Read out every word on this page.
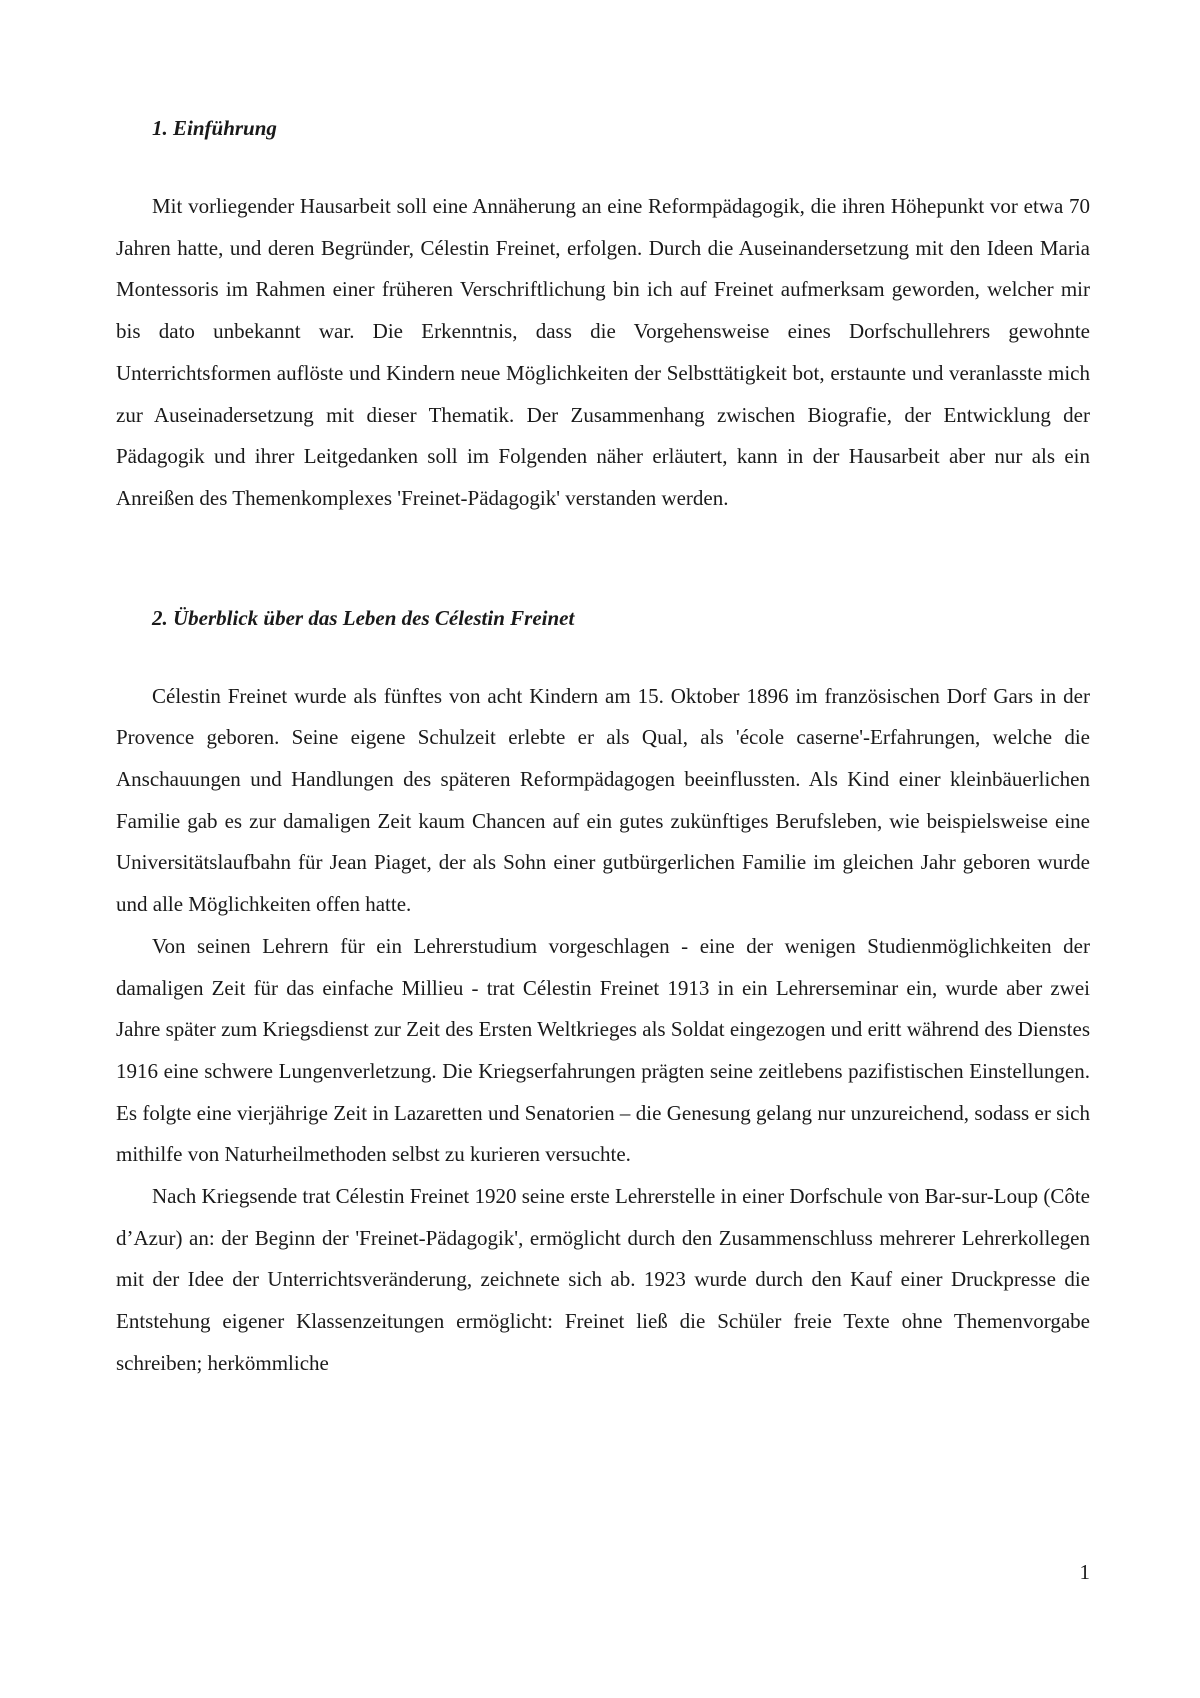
1. Einführung

Mit vorliegender Hausarbeit soll eine Annäherung an eine Reformpädagogik, die ihren Höhepunkt vor etwa 70 Jahren hatte, und deren Begründer, Célestin Freinet, erfolgen. Durch die Auseinandersetzung mit den Ideen Maria Montessoris im Rahmen einer früheren Verschriftlichung bin ich auf Freinet aufmerksam geworden, welcher mir bis dato unbekannt war. Die Erkenntnis, dass die Vorgehensweise eines Dorfschullehrers gewohnte Unterrichtsformen auflöste und Kindern neue Möglichkeiten der Selbsttätigkeit bot, erstaunte und veranlasste mich zur Auseinadersetzung mit dieser Thematik. Der Zusammenhang zwischen Biografie, der Entwicklung der Pädagogik und ihrer Leitgedanken soll im Folgenden näher erläutert, kann in der Hausarbeit aber nur als ein Anreißen des Themenkomplexes 'Freinet-Pädagogik' verstanden werden.

2. Überblick über das Leben des Célestin Freinet

Célestin Freinet wurde als fünftes von acht Kindern am 15. Oktober 1896 im französischen Dorf Gars in der Provence geboren. Seine eigene Schulzeit erlebte er als Qual, als 'école caserne'-Erfahrungen, welche die Anschauungen und Handlungen des späteren Reformpädagogen beeinflussten. Als Kind einer kleinbäuerlichen Familie gab es zur damaligen Zeit kaum Chancen auf ein gutes zukünftiges Berufsleben, wie beispielsweise eine Universitätslaufbahn für Jean Piaget, der als Sohn einer gutbürgerlichen Familie im gleichen Jahr geboren wurde und alle Möglichkeiten offen hatte.

Von seinen Lehrern für ein Lehrerstudium vorgeschlagen - eine der wenigen Studienmöglichkeiten der damaligen Zeit für das einfache Millieu - trat Célestin Freinet 1913 in ein Lehrerseminar ein, wurde aber zwei Jahre später zum Kriegsdienst zur Zeit des Ersten Weltkrieges als Soldat eingezogen und eritt während des Dienstes 1916 eine schwere Lungenverletzung. Die Kriegserfahrungen prägten seine zeitlebens pazifistischen Einstellungen. Es folgte eine vierjährige Zeit in Lazaretten und Senatorien – die Genesung gelang nur unzureichend, sodass er sich mithilfe von Naturheilmethoden selbst zu kurieren versuchte.

Nach Kriegsende trat Célestin Freinet 1920 seine erste Lehrerstelle in einer Dorfschule von Bar-sur-Loup (Côte d’Azur) an: der Beginn der 'Freinet-Pädagogik', ermöglicht durch den Zusammenschluss mehrerer Lehrerkollegen mit der Idee der Unterrichtsveränderung, zeichnete sich ab. 1923 wurde durch den Kauf einer Druckpresse die Entstehung eigener Klassenzeitungen ermöglicht: Freinet ließ die Schüler freie Texte ohne Themenvorgabe schreiben; herkömmliche

1
